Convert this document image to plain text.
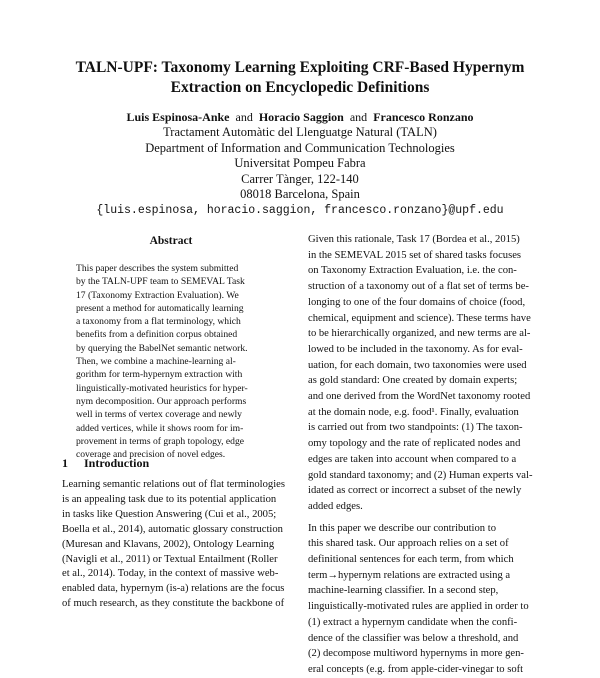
TALN-UPF: Taxonomy Learning Exploiting CRF-Based Hypernym
Extraction on Encyclopedic Definitions
Luis Espinosa-Anke and Horacio Saggion and Francesco Ronzano
Tractament Automàtic del Llenguatge Natural (TALN)
Department of Information and Communication Technologies
Universitat Pompeu Fabra
Carrer Tànger, 122-140
08018 Barcelona, Spain
{luis.espinosa, horacio.saggion, francesco.ronzano}@upf.edu
Abstract
This paper describes the system submitted
by the TALN-UPF team to SEMEVAL Task
17 (Taxonomy Extraction Evaluation). We
present a method for automatically learning
a taxonomy from a flat terminology, which
benefits from a definition corpus obtained
by querying the BabelNet semantic network.
Then, we combine a machine-learning al-
gorithm for term-hypernym extraction with
linguistically-motivated heuristics for hyper-
nym decomposition. Our approach performs
well in terms of vertex coverage and newly
added vertices, while it shows room for im-
provement in terms of graph topology, edge
coverage and precision of novel edges.
1 Introduction
Learning semantic relations out of flat terminologies
is an appealing task due to its potential application
in tasks like Question Answering (Cui et al., 2005;
Boella et al., 2014), automatic glossary construction
(Muresan and Klavans, 2002), Ontology Learning
(Navigli et al., 2011) or Textual Entailment (Roller
et al., 2014). Today, in the context of massive web-
enabled data, hypernym (is-a) relations are the focus
of much research, as they constitute the backbone of
Given this rationale, Task 17 (Bordea et al., 2015)
in the SEMEVAL 2015 set of shared tasks focuses
on Taxonomy Extraction Evaluation, i.e. the con-
struction of a taxonomy out of a flat set of terms be-
longing to one of the four domains of choice (food,
chemical, equipment and science). These terms have
to be hierarchically organized, and new terms are al-
lowed to be included in the taxonomy. As for eval-
uation, for each domain, two taxonomies were used
as gold standard: One created by domain experts;
and one derived from the WordNet taxonomy rooted
at the domain node, e.g. food¹. Finally, evaluation
is carried out from two standpoints: (1) The taxon-
omy topology and the rate of replicated nodes and
edges are taken into account when compared to a
gold standard taxonomy; and (2) Human experts val-
idated as correct or incorrect a subset of the newly
added edges.
In this paper we describe our contribution to
this shared task. Our approach relies on a set of
definitional sentences for each term, from which
term→hypernym relations are extracted using a
machine-learning classifier. In a second step,
linguistically-motivated rules are applied in order to
(1) extract a hypernym candidate when the confi-
dence of the classifier was below a threshold, and
(2) decompose multiword hypernyms in more gen-
eral concepts (e.g. from apple-cider-vinegar to soft
